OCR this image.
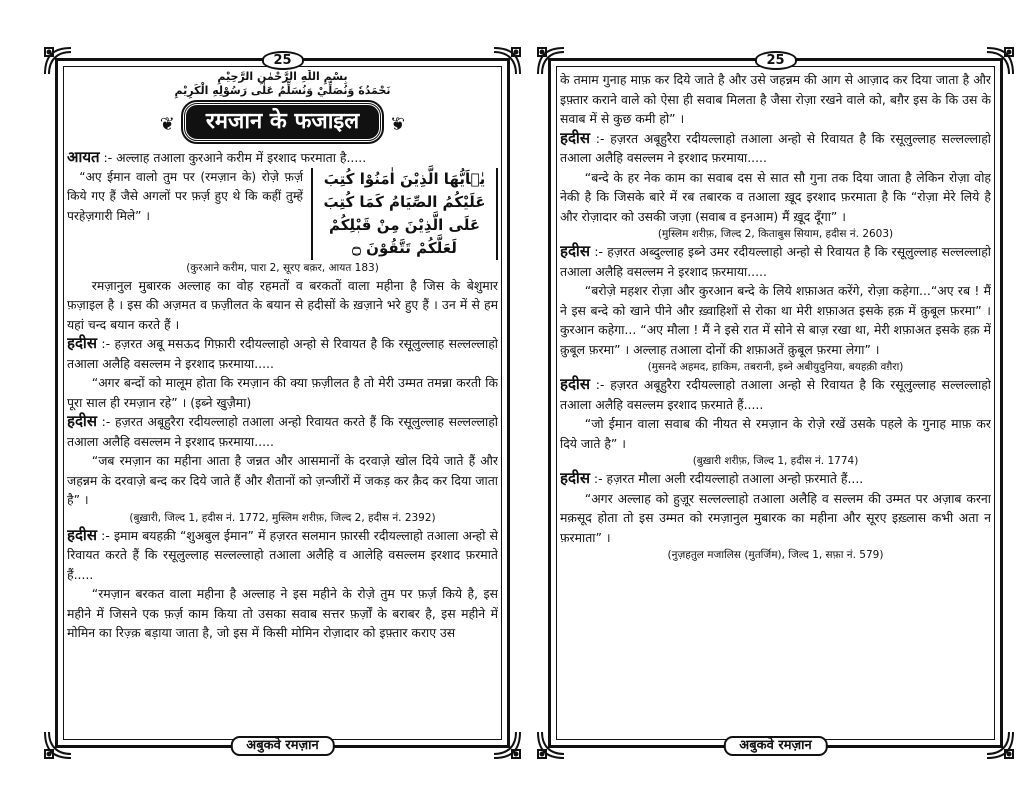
25
بِسْمِ اللّٰهِ الرَّحْمٰنِ الرَّحِيْمِ
نَحْمَدُهٗ وَنُصَلِّيْ وَنُسَلِّمُ عَلٰى رَسُوْلِهِ الْكَرِيْمِ
❦ रमजान के फजाइल ❦

आयत :- अल्लाह तआला कुरआने करीम में इरशाद फरमाता है.....

“अए ईमान वालो तुम पर (रमज़ान के) रोज़े फ़र्ज़ किये गए हैं जैसे अगलों पर फ़र्ज़ हुए थे कि कहीं तुम्हें परहेज़गारी मिले” ।

يٰۤاَيُّهَا الَّذِيْنَ اٰمَنُوْا كُتِبَ عَلَيْكُمُ الصِّيَامُ كَمَا كُتِبَ عَلَى الَّذِيْنَ مِنْ قَبْلِكُمْ لَعَلَّكُمْ تَتَّقُوْنَ ۝

(कुरआने करीम, पारा 2, सूरए बक़र, आयत 183)

रमज़ानुल मुबारक अल्लाह का वोह रहमतों व बरकतों वाला महीना है जिस के बेशुमार फ़ज़ाइल है । इस की अज़मत व फ़ज़ीलत के बयान से हदीसों के ख़ज़ाने भरे हुए हैं । उन में से हम यहां चन्द बयान करते हैं ।

हदीस :- हज़रत अबू मसऊद गिफ़ारी रदीयल्लाहो अन्हो से रिवायत है कि रसूलुल्लाह सल्लल्लाहो तआला अलैहि वसल्लम ने इरशाद फ़रमाया.....

“अगर बन्दों को मालूम होता कि रमज़ान की क्या फ़ज़ीलत है तो मेरी उम्मत तमन्ना करती कि पूरा साल ही रमज़ान रहे” । (इब्ने खुज़ैमा)

हदीस :- हज़रत अबूहुरैरा रदीयल्लाहो तआला अन्हो रिवायत करते हैं कि रसूलुल्लाह सल्लल्लाहो तआला अलैहि वसल्लम ने इरशाद फ़रमाया.....

“जब रमज़ान का महीना आता है जन्नत और आसमानों के दरवाज़े खोल दिये जाते हैं और जहन्नम के दरवाज़े बन्द कर दिये जाते हैं और शैतानों को ज़न्जीरों में जकड़ कर क़ैद कर दिया जाता है” ।

(बुख़ारी, जिल्द 1, हदीस नं. 1772, मुस्लिम शरीफ़, जिल्द 2, हदीस नं. 2392)

हदीस :- इमाम बयहक़ी “शुअबुल ईमान” में हज़रत सलमान फ़ारसी रदीयल्लाहो तआला अन्हो से रिवायत करते हैं कि रसूलुल्लाह सल्लल्लाहो तआला अलैहि व आलेहि वसल्लम इरशाद फ़रमाते हैं.....

“रमज़ान बरकत वाला महीना है अल्लाह ने इस महीने के रोज़े तुम पर फ़र्ज़ किये है, इस महीने में जिसने एक फ़र्ज़ काम किया तो उसका सवाब सत्तर फ़र्ज़ों के बराबर है, इस महीने में मोमिन का रिज़्क़ बड़ाया जाता है, जो इस में किसी मोमिन रोज़ादार को इफ़्तार कराए उस

अबुकवे रमज़ान
25

के तमाम गुनाह माफ़ कर दिये जाते है और उसे जहन्नम की आग से आज़ाद कर दिया जाता है और इफ़्तार कराने वाले को ऐसा ही सवाब मिलता है जैसा रोज़ा रखने वाले को, बग़ैर इस के कि उस के सवाब में से कुछ कमी हो” ।

हदीस :- हज़रत अबूहुरैरा रदीयल्लाहो तआला अन्हो से रिवायत है कि रसूलुल्लाह सल्लल्लाहो तआला अलैहि वसल्लम ने इरशाद फ़रमाया.....

“बन्दे के हर नेक काम का सवाब दस से सात सौ गुना तक दिया जाता है लेकिन रोज़ा वोह नेकी है कि जिसके बारे में रब तबारक व तआला ख़ूद इरशाद फ़रमाता है कि “रोज़ा मेरे लिये है और रोज़ादार को उसकी जज़ा (सवाब व इनआम) मैं ख़ूद दूँगा” ।

(मुस्लिम शरीफ़, जिल्द 2, किताबुस सियाम, हदीस नं. 2603)

हदीस :- हज़रत अब्दुल्लाह इब्ने उमर रदीयल्लाहो अन्हो से रिवायत है कि रसूलुल्लाह सल्लल्लाहो तआला अलैहि वसल्लम ने इरशाद फ़रमाया.....

“बरोज़े महशर रोज़ा और कुरआन बन्दे के लिये शफ़ाअत करेंगे, रोज़ा कहेगा...“अए रब ! मैं ने इस बन्दे को खाने पीने और ख़्वाहिशों से रोका था मेरी शफ़ाअत इसके हक़ में क़ुबूल फ़रमा” । कुरआन कहेगा... “अए मौला ! मैं ने इसे रात में सोने से बाज़ रखा था, मेरी शफ़ाअत इसके हक़ में क़ुबूल फ़रमा” । अल्लाह तआला दोनों की शफ़ाअतें क़ुबूल फ़रमा लेगा” ।

(मुसनदे अहमद, हाकिम, तबरानी, इब्ने अबीयुदुनिया, बयहक़ी वग़ैरा)

हदीस :- हज़रत अबूहुरैरा रदीयल्लाहो तआला अन्हो से रिवायत है कि रसूलुल्लाह सल्लल्लाहो तआला अलैहि वसल्लम इरशाद फ़रमाते हैं.....

“जो ईमान वाला सवाब की नीयत से रमज़ान के रोज़े रखें उसके पहले के गुनाह माफ़ कर दिये जाते है” ।

(बुख़ारी शरीफ़, जिल्द 1, हदीस नं. 1774)

हदीस :- हज़रत मौला अली रदीयल्लाहो तआला अन्हो फ़रमाते हैं....

“अगर अल्लाह को हुज़ूर सल्लल्लाहो तआला अलैहि व सल्लम की उम्मत पर अज़ाब करना मक़सूद होता तो इस उम्मत को रमज़ानुल मुबारक का महीना और सूरए इख़्लास कभी अता न फ़रमाता” ।

(नुज़हतुल मजालिस (मुतर्जिम), जिल्द 1, सफ़ा नं. 579)

अबुकवे रमज़ान
